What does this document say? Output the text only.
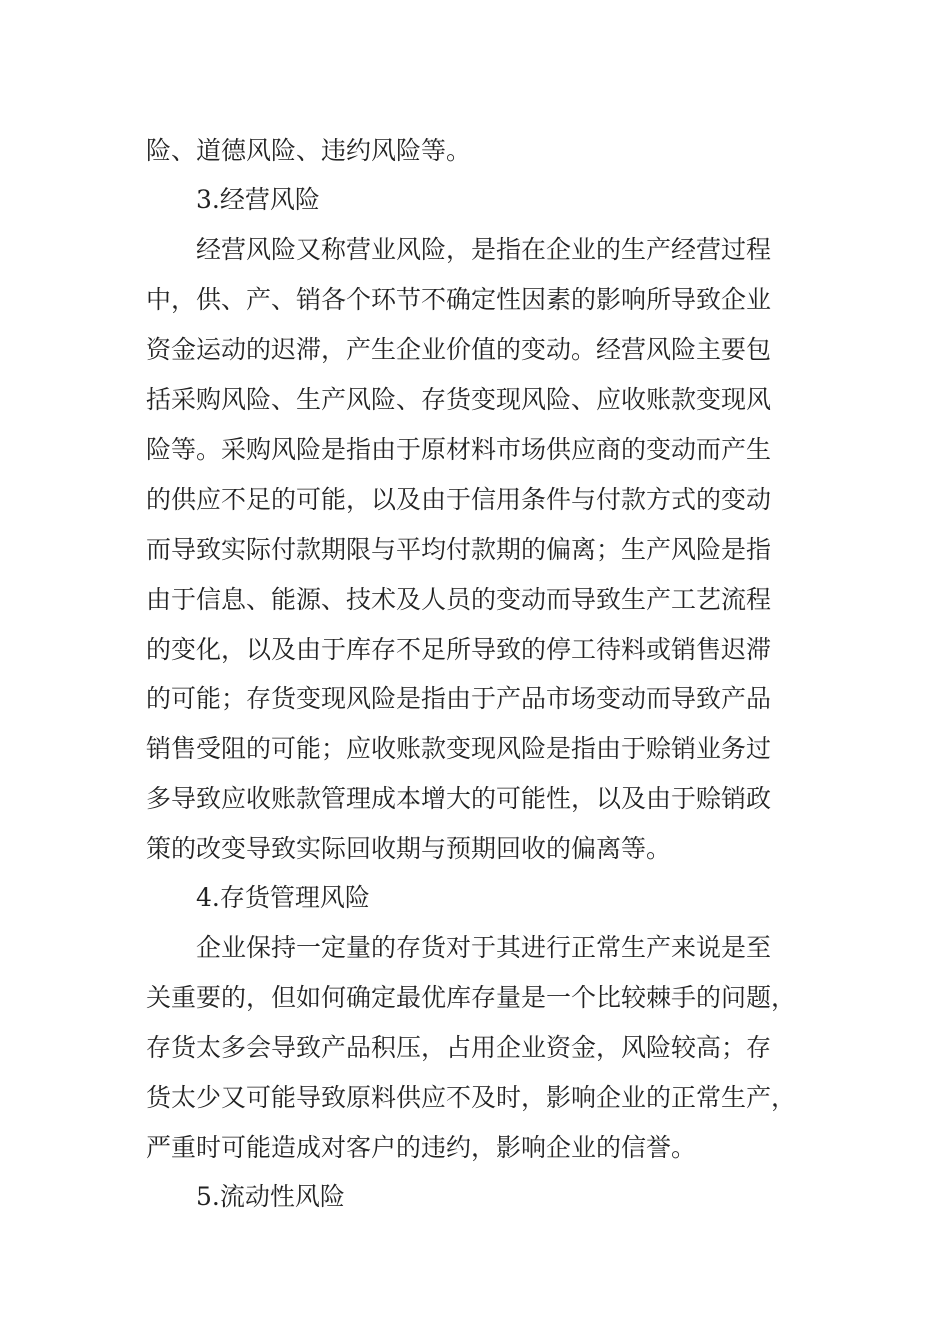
险、道德风险、违约风险等。
3.经营风险
经营风险又称营业风险，是指在企业的生产经营过程
中，供、产、销各个环节不确定性因素的影响所导致企业
资金运动的迟滞，产生企业价值的变动。经营风险主要包
括采购风险、生产风险、存货变现风险、应收账款变现风
险等。采购风险是指由于原材料市场供应商的变动而产生
的供应不足的可能，以及由于信用条件与付款方式的变动
而导致实际付款期限与平均付款期的偏离；生产风险是指
由于信息、能源、技术及人员的变动而导致生产工艺流程
的变化，以及由于库存不足所导致的停工待料或销售迟滞
的可能；存货变现风险是指由于产品市场变动而导致产品
销售受阻的可能；应收账款变现风险是指由于赊销业务过
多导致应收账款管理成本增大的可能性，以及由于赊销政
策的改变导致实际回收期与预期回收的偏离等。
4.存货管理风险
企业保持一定量的存货对于其进行正常生产来说是至
关重要的，但如何确定最优库存量是一个比较棘手的问题，
存货太多会导致产品积压，占用企业资金，风险较高；存
货太少又可能导致原料供应不及时，影响企业的正常生产，
严重时可能造成对客户的违约，影响企业的信誉。
5.流动性风险
